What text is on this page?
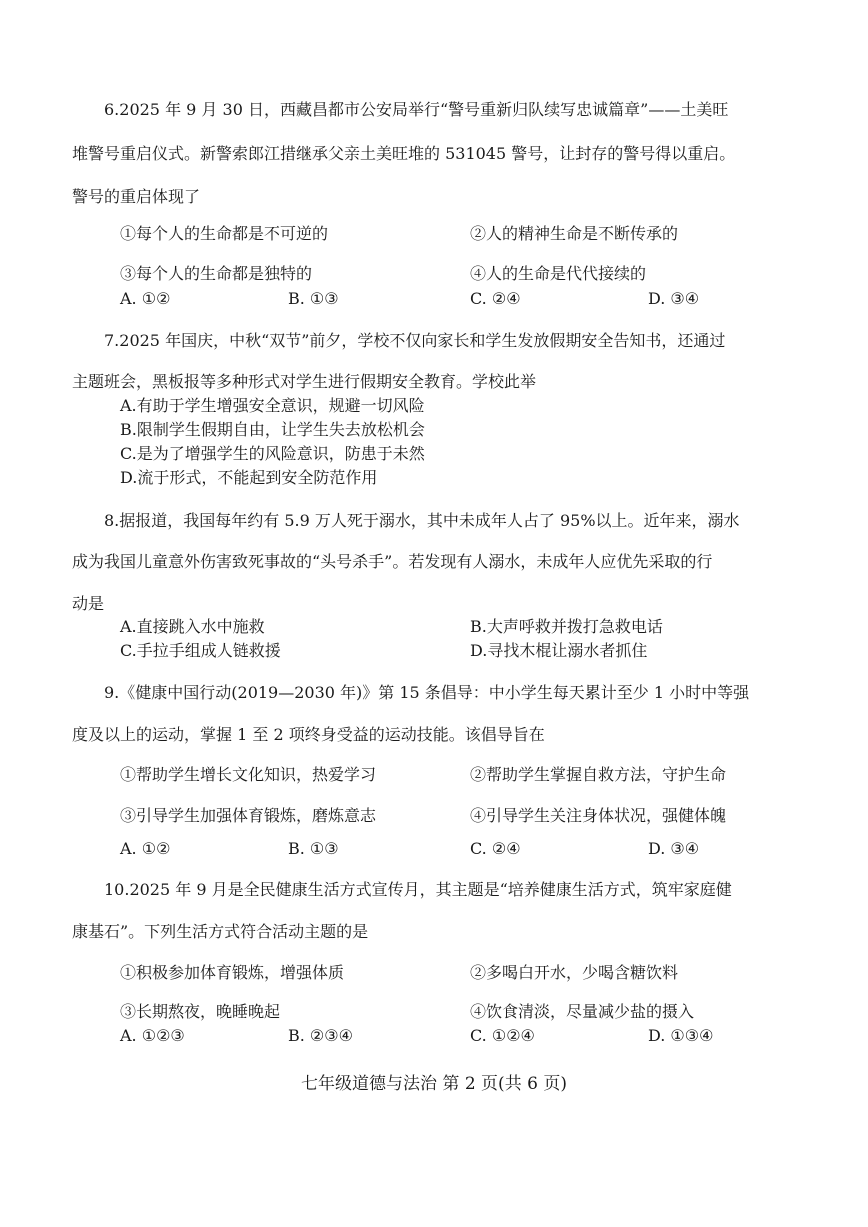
6.2025 年 9 月 30 日，西藏昌都市公安局举行“警号重新归队续写忠诚篇章”——土美旺
堆警号重启仪式。新警索郎江措继承父亲土美旺堆的 531045 警号，让封存的警号得以重启。
警号的重启体现了
①每个人的生命都是不可逆的	②人的精神生命是不断传承的
③每个人的生命都是独特的	④人的生命是代代接续的
A. ①②	B. ①③	C. ②④	D. ③④
7.2025 年国庆，中秋“双节”前夕，学校不仅向家长和学生发放假期安全告知书，还通过
主题班会，黑板报等多种形式对学生进行假期安全教育。学校此举
A.有助于学生增强安全意识，规避一切风险
B.限制学生假期自由，让学生失去放松机会
C.是为了增强学生的风险意识，防患于未然
D.流于形式，不能起到安全防范作用
8.据报道，我国每年约有 5.9 万人死于溺水，其中未成年人占了 95%以上。近年来，溺水
成为我国儿童意外伤害致死事故的“头号杀手”。若发现有人溺水，未成年人应优先采取的行
动是
A.直接跳入水中施救	B.大声呼救并拨打急救电话
C.手拉手组成人链救援	D.寻找木棍让溺水者抓住
9.《健康中国行动(2019—2030 年)》第 15 条倡导：中小学生每天累计至少 1 小时中等强
度及以上的运动，掌握 1 至 2 项终身受益的运动技能。该倡导旨在
①帮助学生增长文化知识，热爱学习	②帮助学生掌握自救方法，守护生命
③引导学生加强体育锻炼，磨炼意志	④引导学生关注身体状况，强健体魄
A. ①②	B. ①③	C. ②④	D. ③④
10.2025 年 9 月是全民健康生活方式宣传月，其主题是“培养健康生活方式，筑牢家庭健
康基石”。下列生活方式符合活动主题的是
①积极参加体育锻炼，增强体质	②多喝白开水，少喝含糖饮料
③长期熬夜，晚睡晚起	④饮食清淡，尽量减少盐的摄入
A. ①②③	B. ②③④	C. ①②④	D. ①③④
七年级道德与法治 第 2 页(共 6 页)
